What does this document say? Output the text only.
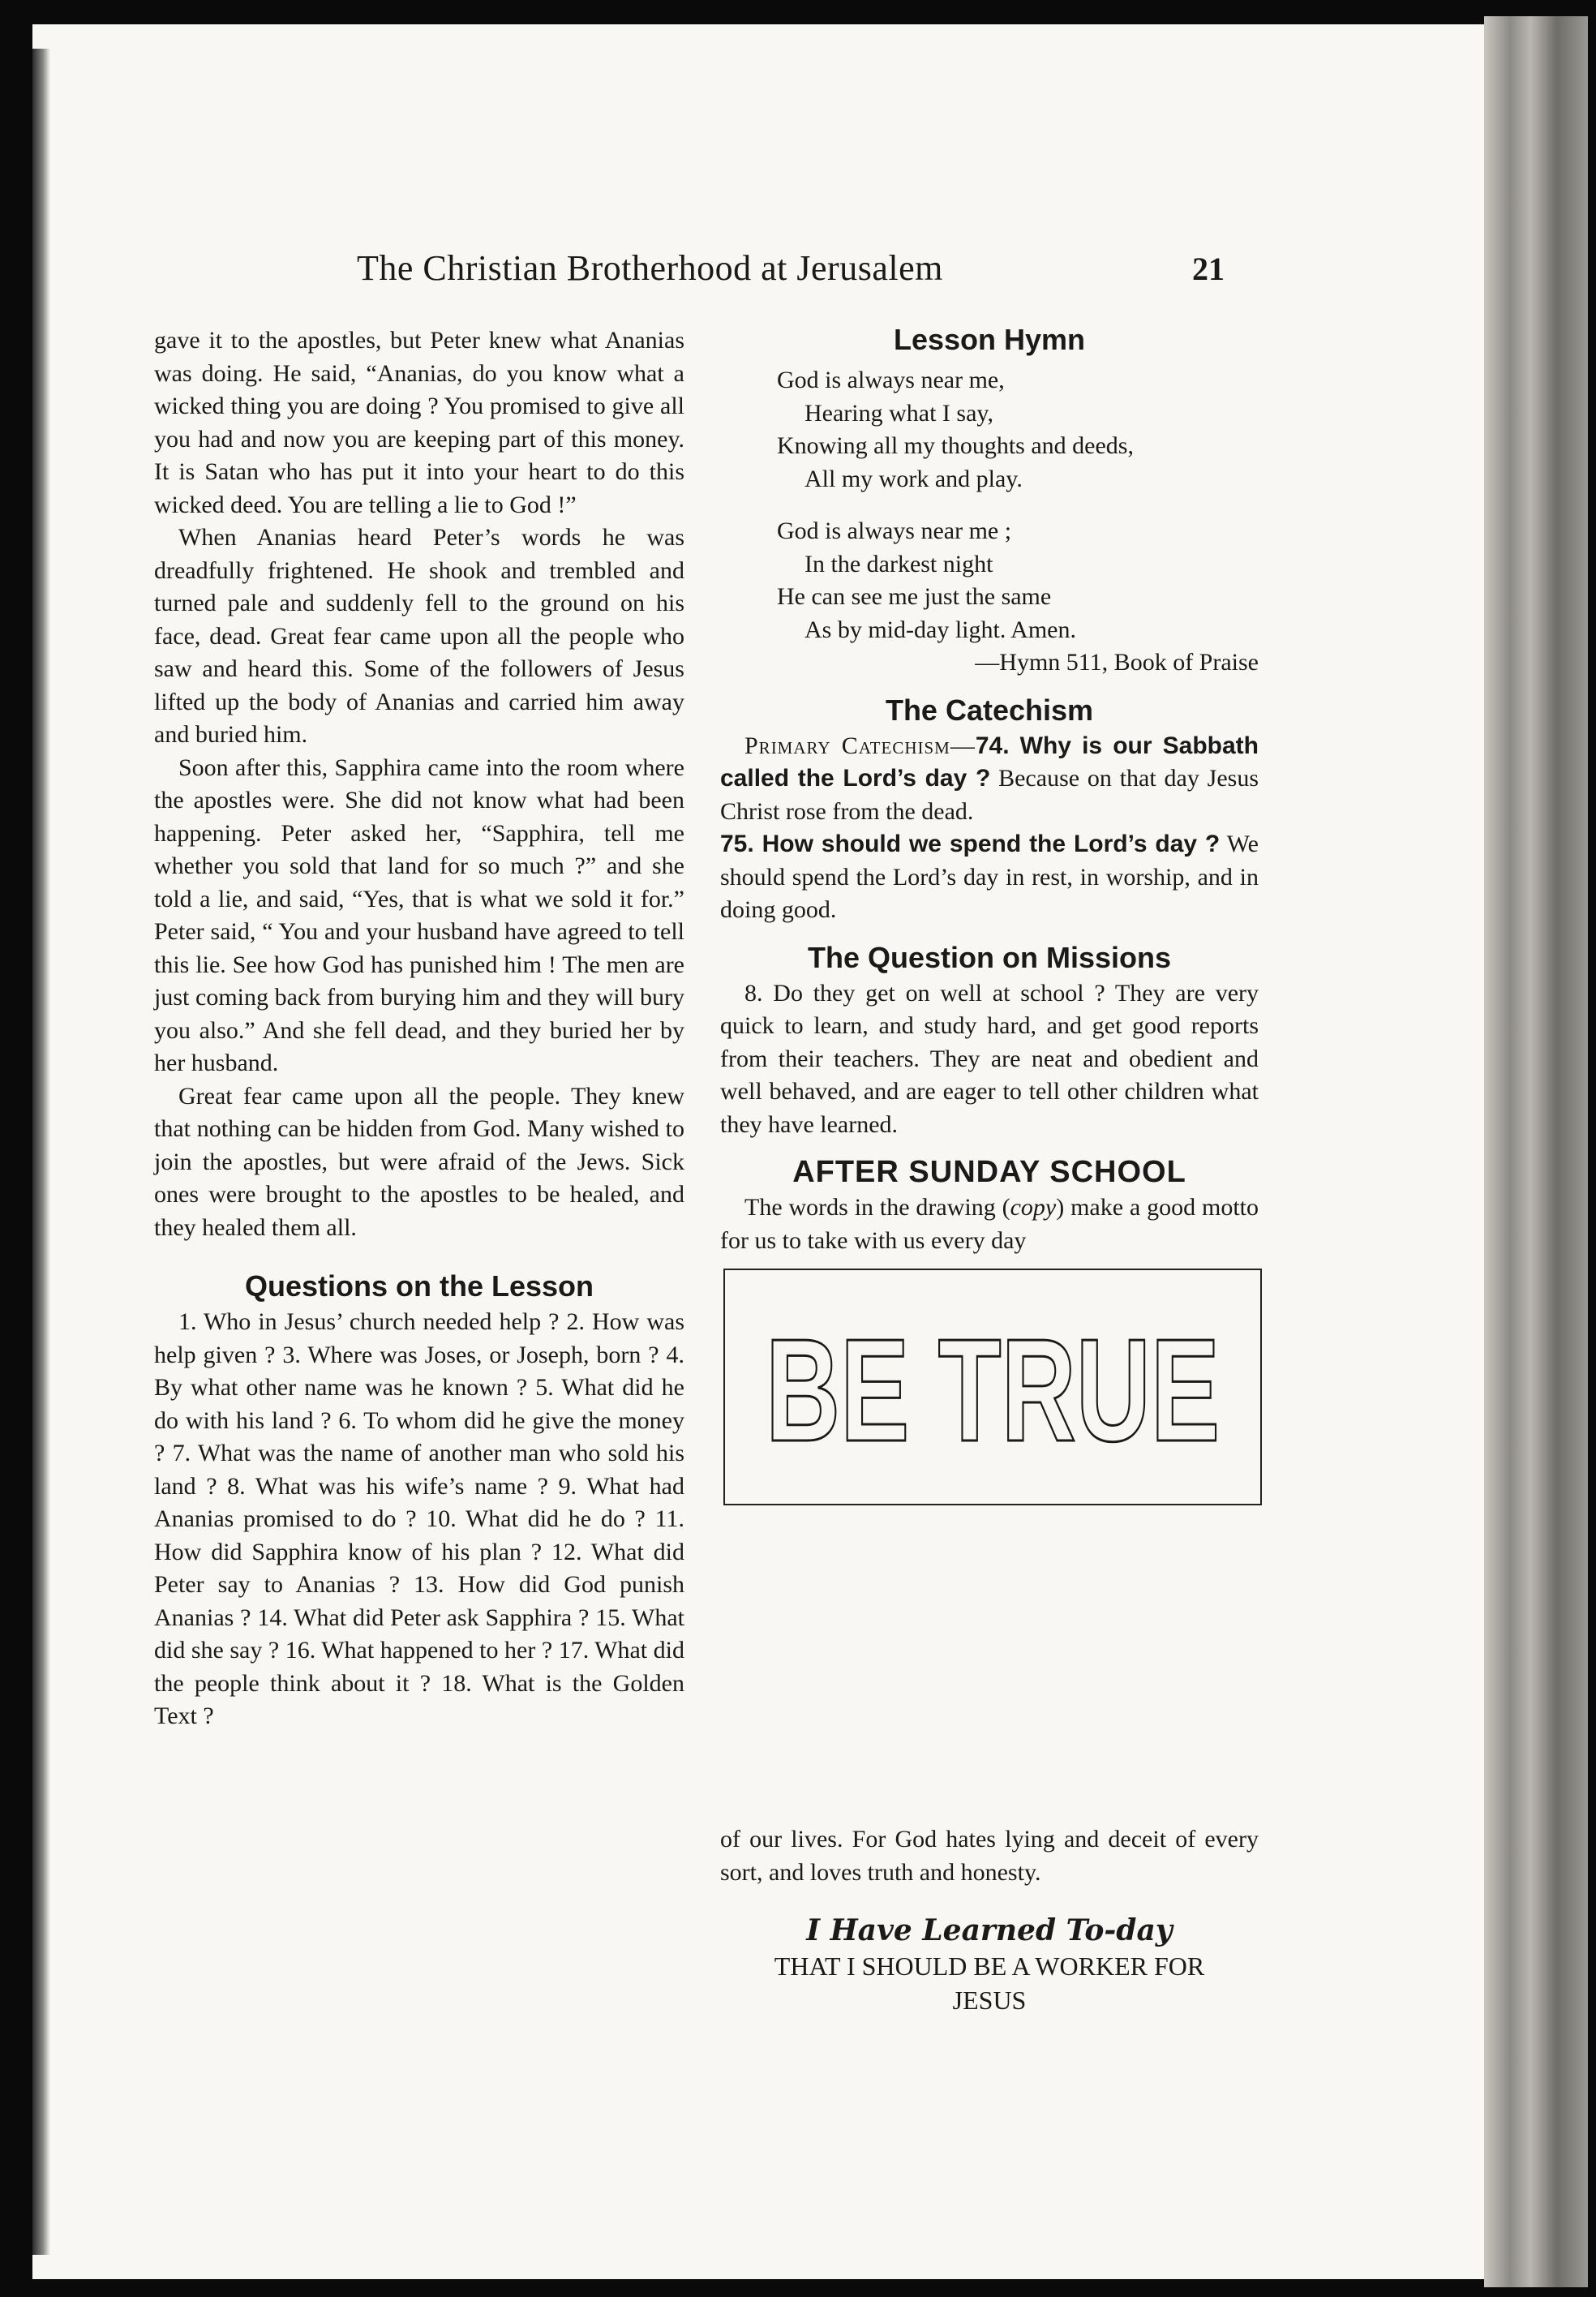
The Christian Brotherhood at Jerusalem	21

gave it to the apostles, but Peter knew what Ananias was doing. He said, “Ananias, do you know what a wicked thing you are doing ? You promised to give all you had and now you are keeping part of this money. It is Satan who has put it into your heart to do this wicked deed. You are telling a lie to God !”

When Ananias heard Peter’s words he was dreadfully frightened. He shook and trembled and turned pale and suddenly fell to the ground on his face, dead. Great fear came upon all the people who saw and heard this. Some of the followers of Jesus lifted up the body of Ananias and carried him away and buried him.

Soon after this, Sapphira came into the room where the apostles were. She did not know what had been happening. Peter asked her, “Sapphira, tell me whether you sold that land for so much ?” and she told a lie, and said, “Yes, that is what we sold it for.” Peter said, “ You and your husband have agreed to tell this lie. See how God has punished him ! The men are just coming back from burying him and they will bury you also.” And she fell dead, and they buried her by her husband.

Great fear came upon all the people. They knew that nothing can be hidden from God. Many wished to join the apostles, but were afraid of the Jews. Sick ones were brought to the apostles to be healed, and they healed them all.

Questions on the Lesson

1. Who in Jesus’ church needed help ? 2. How was help given ? 3. Where was Joses, or Joseph, born ? 4. By what other name was he known ? 5. What did he do with his land ? 6. To whom did he give the money ? 7. What was the name of another man who sold his land ? 8. What was his wife’s name ? 9. What had Ananias promised to do ? 10. What did he do ? 11. How did Sapphira know of his plan ? 12. What did Peter say to Ananias ? 13. How did God punish Ananias ? 14. What did Peter ask Sapphira ? 15. What did she say ? 16. What happened to her ? 17. What did the people think about it ? 18. What is the Golden Text ?

Lesson Hymn
God is always near me,
Hearing what I say,
Knowing all my thoughts and deeds,
All my work and play.
God is always near me ;
In the darkest night
He can see me just the same
As by mid-day light. Amen.
—Hymn 511, Book of Praise
The Catechism

Primary Catechism—74. Why is our Sabbath called the Lord’s day ? Because on that day Jesus Christ rose from the dead.

75. How should we spend the Lord’s day ? We should spend the Lord’s day in rest, in worship, and in doing good.

The Question on Missions

8. Do they get on well at school ? They are very quick to learn, and study hard, and get good reports from their teachers. They are neat and obedient and well behaved, and are eager to tell other children what they have learned.

AFTER SUNDAY SCHOOL

The words in the drawing (copy) make a good motto for us to take with us every day

BE TRUE

of our lives. For God hates lying and deceit of every sort, and loves truth and honesty.

I Have Learned To-day
THAT I SHOULD BE A WORKER FOR
JESUS
